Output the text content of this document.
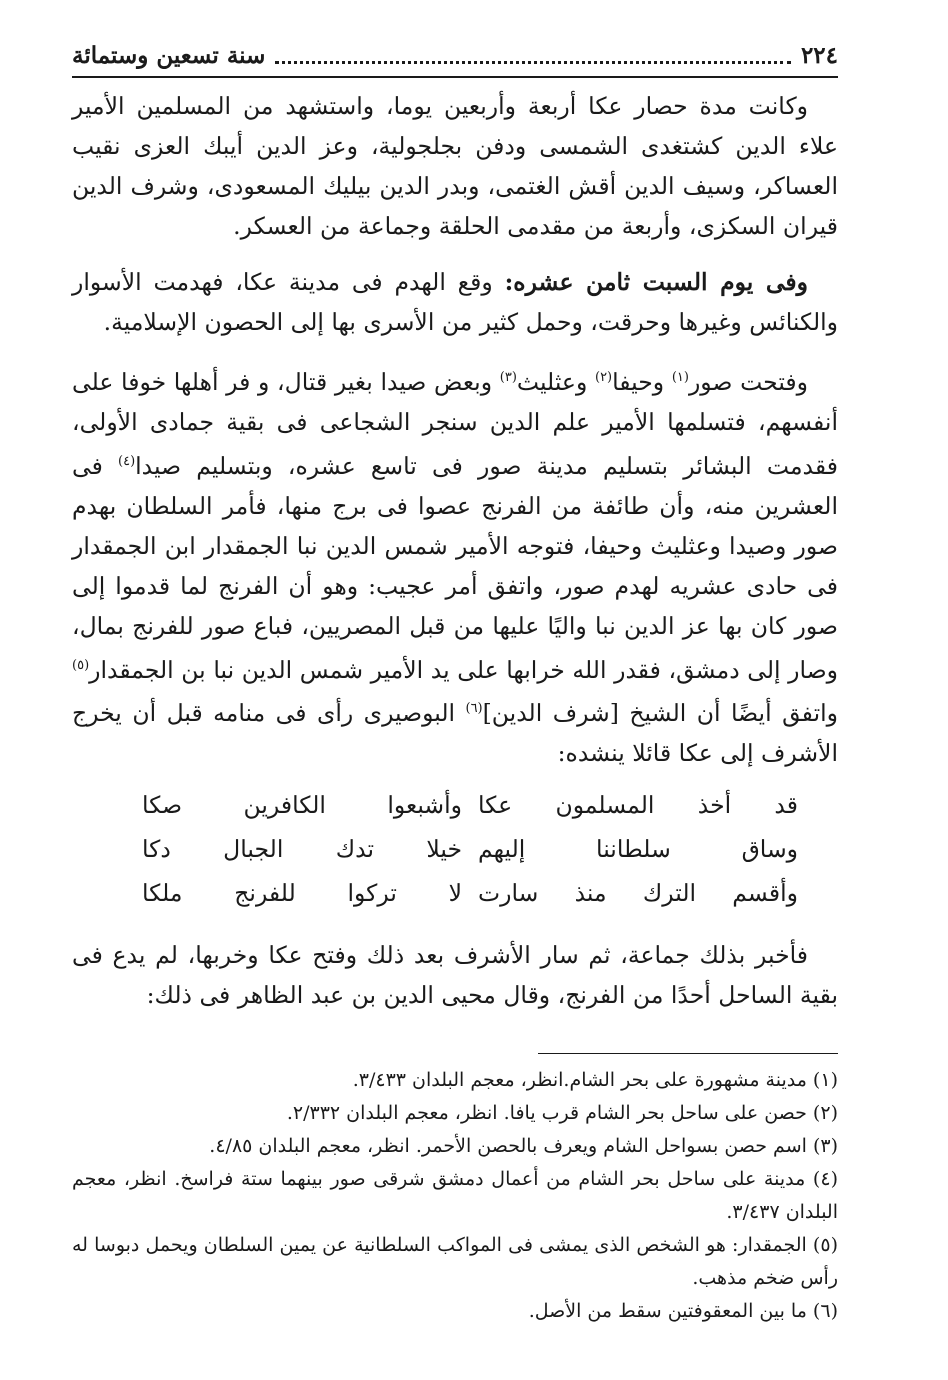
٢٢٤
سنة تسعين وستمائة

وكانت مدة حصار عكا أربعة وأربعين يوما، واستشهد من المسلمين الأمير علاء الدين كشتغدى الشمسى ودفن بجلجولية، وعز الدين أيبك العزى نقيب العساكر، وسيف الدين أقش الغتمى، وبدر الدين بيليك المسعودى، وشرف الدين قيران السكزى، وأربعة من مقدمى الحلقة وجماعة من العسكر.

وفى يوم السبت ثامن عشره: وقع الهدم فى مدينة عكا، فهدمت الأسوار والكنائس وغيرها وحرقت، وحمل كثير من الأسرى بها إلى الحصون الإسلامية.

وفتحت صور$^{(١)}$ وحيفا$^{(٢)}$ وعثليث$^{(٣)}$ وبعض صيدا بغير قتال، و فر أهلها خوفا على أنفسهم، فتسلمها الأمير علم الدين سنجر الشجاعى فى بقية جمادى الأولى، فقدمت البشائر بتسليم مدينة صور فى تاسع عشره، وبتسليم صيدا$^{(٤)}$ فى العشرين منه، وأن طائفة من الفرنج عصوا فى برج منها، فأمر السلطان بهدم صور وصيدا وعثليث وحيفا، فتوجه الأمير شمس الدين نبا الجمقدار ابن الجمقدار فى حادى عشريه لهدم صور، واتفق أمر عجيب: وهو أن الفرنج لما قدموا إلى صور كان بها عز الدين نبا واليًا عليها من قبل المصريين، فباع صور للفرنج بمال، وصار إلى دمشق، فقدر الله خرابها على يد الأمير شمس الدين نبا بن الجمقدار$^{(٥)}$ واتفق أيضًا أن الشيخ [شرف الدين]$^{(٦)}$ البوصيرى رأى فى منامه قبل أن يخرج الأشرف إلى عكا قائلا ينشده:

قد أخذ المسلمون عكا
وأشبعوا الكافرين صكا
وساق سلطاننا إليهم
خيلا تدك الجبال دكا
وأقسم الترك منذ سارت
لا تركوا للفرنج ملكا

فأخبر بذلك جماعة، ثم سار الأشرف بعد ذلك وفتح عكا وخربها، لم يدع فى بقية الساحل أحدًا من الفرنج، وقال محيى الدين بن عبد الظاهر فى ذلك:

(١) مدينة مشهورة على بحر الشام.انظر، معجم البلدان ٣/٤٣٣.

(٢) حصن على ساحل بحر الشام قرب يافا. انظر، معجم البلدان ٢/٣٣٢.

(٣) اسم حصن بسواحل الشام ويعرف بالحصن الأحمر. انظر، معجم البلدان ٤/٨٥.

(٤) مدينة على ساحل بحر الشام من أعمال دمشق شرقى صور بينهما ستة فراسخ. انظر، معجم البلدان ٣/٤٣٧.

(٥) الجمقدار: هو الشخص الذى يمشى فى المواكب السلطانية عن يمين السلطان ويحمل دبوسا له رأس ضخم مذهب.

(٦) ما بين المعقوفتين سقط من الأصل.
